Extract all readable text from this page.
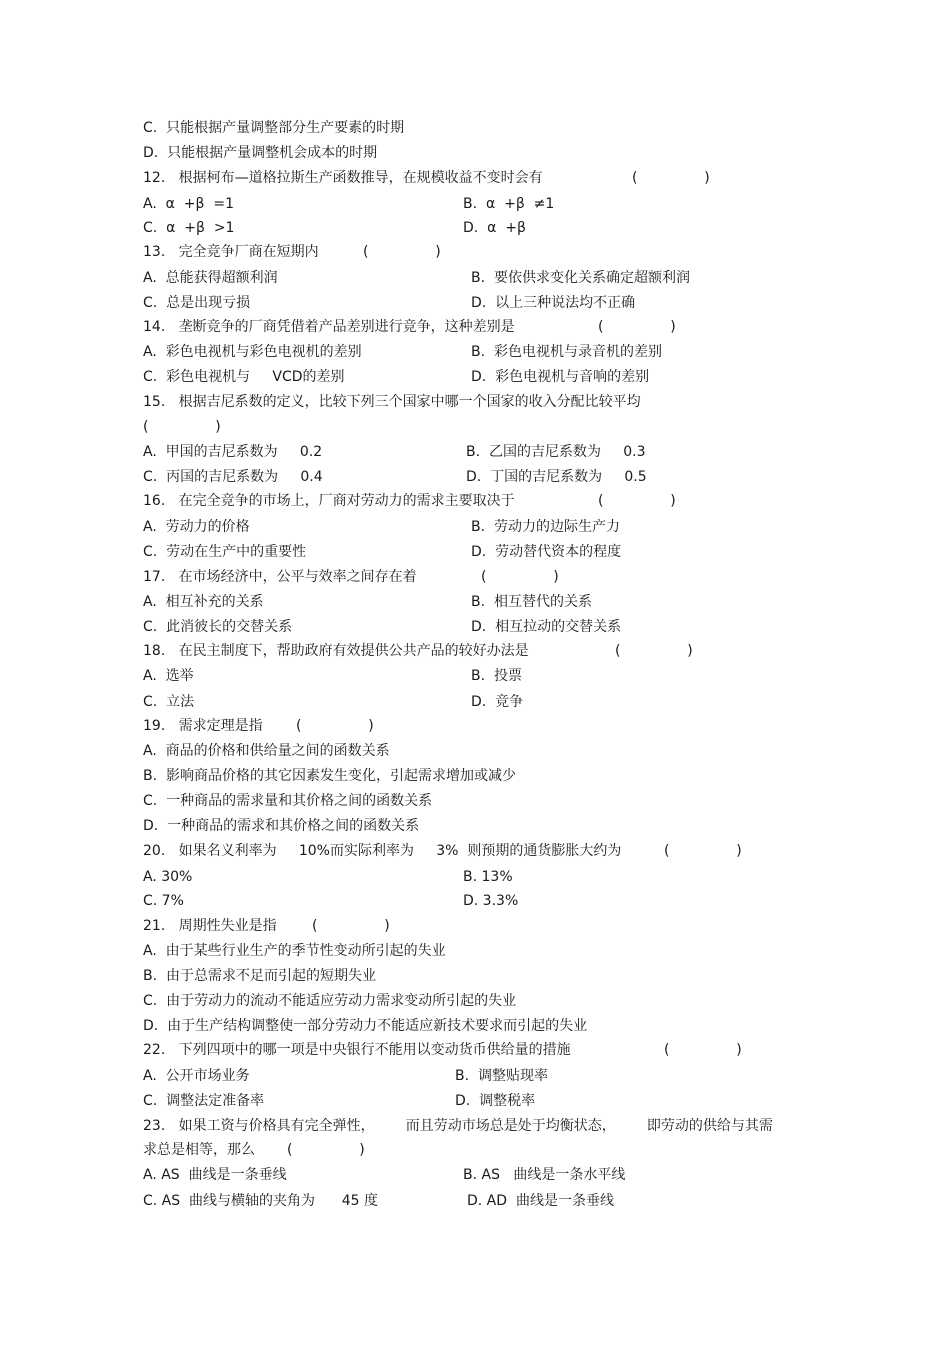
C.  只能根据产量调整部分生产要素的时期
D.  只能根据产量调整机会成本的时期
12.   根据柯布—道格拉斯生产函数推导，在规模收益不变时会有	(               )
A.  α  +β  =1	B.  α  +β  ≠1
C.  α  +β  >1	D.  α  +β
13.   完全竞争厂商在短期内	(               )
A.  总能获得超额利润	B.  要依供求变化关系确定超额利润
C.  总是出现亏损	D.  以上三种说法均不正确
14.   垄断竞争的厂商凭借着产品差别进行竞争，这种差别是	(               )
A.  彩色电视机与彩色电视机的差别	B.  彩色电视机与录音机的差别
C.  彩色电视机与     VCD的差别	D.  彩色电视机与音响的差别
15.   根据吉尼系数的定义，比较下列三个国家中哪一个国家的收入分配比较平均
(               )
A.  甲国的吉尼系数为     0.2	B.  乙国的吉尼系数为     0.3
C.  丙国的吉尼系数为     0.4	D.  丁国的吉尼系数为     0.5
16.   在完全竞争的市场上，厂商对劳动力的需求主要取决于	(               )
A.  劳动力的价格	B.  劳动力的边际生产力
C.  劳动在生产中的重要性	D.  劳动替代资本的程度
17.   在市场经济中，公平与效率之间存在着	(               )
A.  相互补充的关系	B.  相互替代的关系
C.  此消彼长的交替关系	D.  相互拉动的交替关系
18.   在民主制度下，帮助政府有效提供公共产品的较好办法是	(               )
A.  选举	B.  投票
C.  立法	D.  竞争
19.   需求定理是指 (               )
A.  商品的价格和供给量之间的函数关系
B.  影响商品价格的其它因素发生变化，引起需求增加或减少
C.  一种商品的需求量和其价格之间的函数关系
D.  一种商品的需求和其价格之间的函数关系
20.   如果名义利率为     10%而实际利率为     3%  则预期的通货膨胀大约为	(               )
A. 30%	B. 13%
C. 7%	D. 3.3%
21.   周期性失业是指	(               )
A.  由于某些行业生产的季节性变动所引起的失业
B.  由于总需求不足而引起的短期失业
C.  由于劳动力的流动不能适应劳动力需求变动所引起的失业
D.  由于生产结构调整使一部分劳动力不能适应新技术要求而引起的失业
22.   下列四项中的哪一项是中央银行不能用以变动货币供给量的措施	(               )
A.  公开市场业务	B.  调整贴现率
C.  调整法定准备率	D.  调整税率
23.   如果工资与价格具有完全弹性，       而且劳动市场总是处于均衡状态，       即劳动的供给与其需
求总是相等，那么 (               )
A. AS  曲线是一条垂线	B. AS   曲线是一条水平线
C. AS  曲线与横轴的夹角为      45 度	D. AD  曲线是一条垂线
